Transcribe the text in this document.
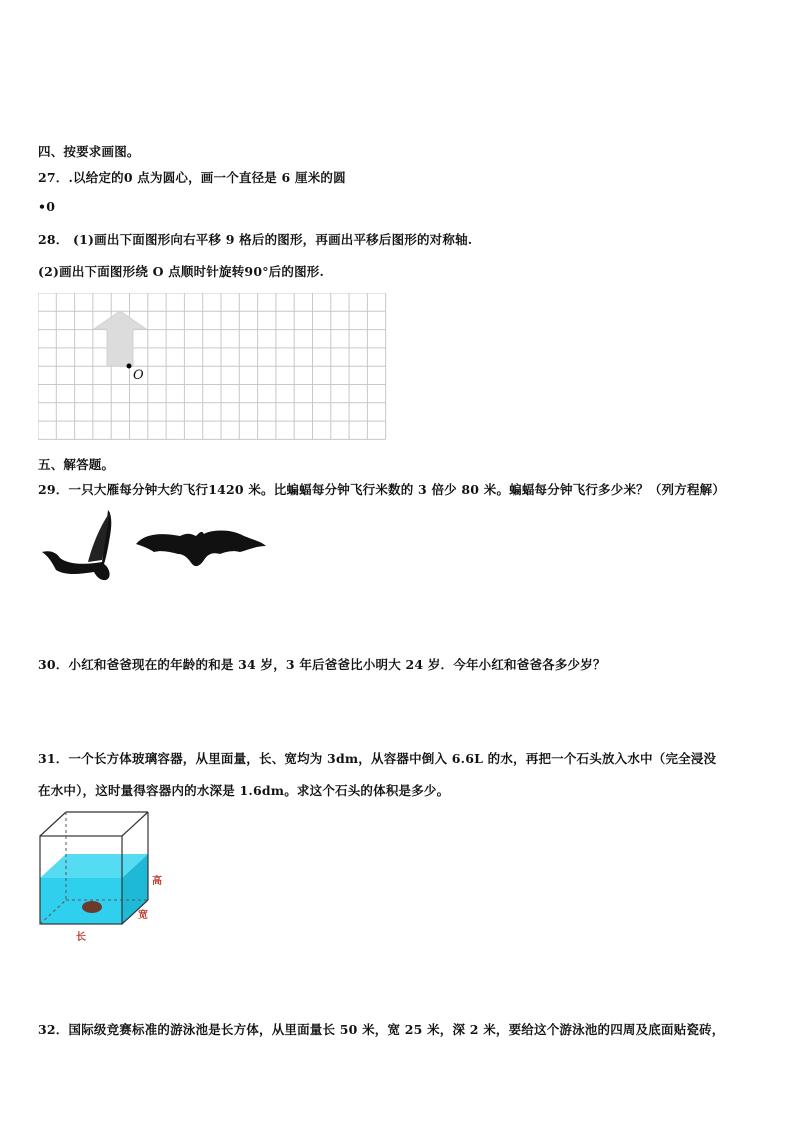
四、按要求画图。
27．.以给定的0 点为圆心，画一个直径是 6 厘米的圆
•0
28． (1)画出下面图形向右平移 9 格后的图形，再画出平移后图形的对称轴.
(2)画出下面图形绕 O 点顺时针旋转90°后的图形.
O
五、解答题。
29．一只大雁每分钟大约飞行1420 米。比蝙蝠每分钟飞行米数的 3 倍少 80 米。蝙蝠每分钟飞行多少米？（列方程解）
30．小红和爸爸现在的年龄的和是 34 岁，3 年后爸爸比小明大 24 岁．今年小红和爸爸各多少岁？
31．一个长方体玻璃容器，从里面量，长、宽均为 3dm，从容器中倒入 6.6L 的水，再把一个石头放入水中（完全浸没
在水中），这时量得容器内的水深是 1.6dm。求这个石头的体积是多少。
高
宽
长
32．国际级竞赛标准的游泳池是长方体，从里面量长 50 米，宽 25 米，深 2 米，要给这个游泳池的四周及底面贴瓷砖，
